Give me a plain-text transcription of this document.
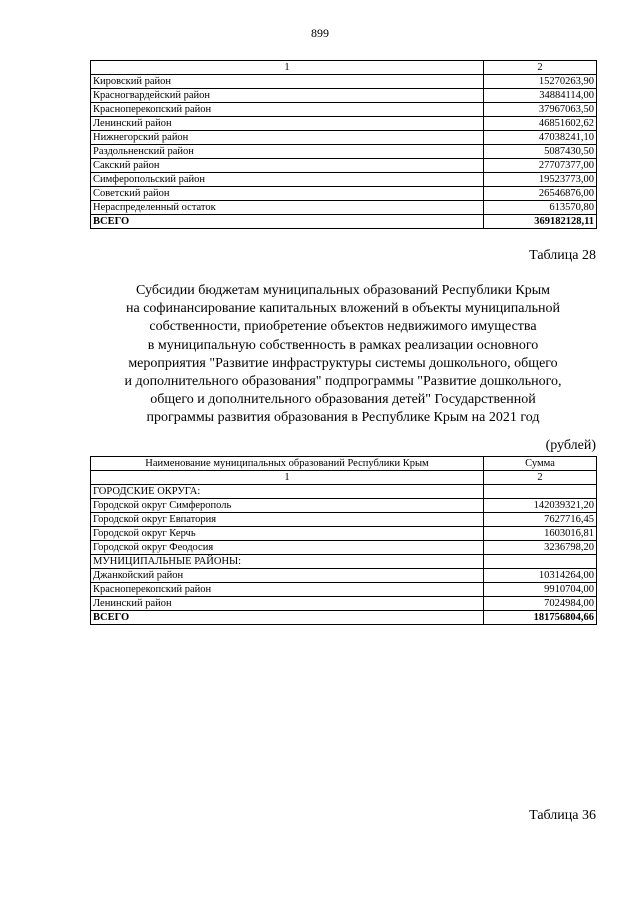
899
1	2
Кировский район	15270263,90
Красногвардейский район	34884114,00
Красноперекопский район	37967063,50
Ленинский район	46851602,62
Нижнегорский район	47038241,10
Раздольненский район	5087430,50
Сакский район	27707377,00
Симферопольский район	19523773,00
Советский район	26546876,00
Нераспределенный остаток	613570,80
ВСЕГО	369182128,11
Таблица 28
Субсидии бюджетам муниципальных образований Республики Крым
на софинансирование капитальных вложений в объекты муниципальной
собственности, приобретение объектов недвижимого имущества
в муниципальную собственность в рамках реализации основного
мероприятия "Развитие инфраструктуры системы дошкольного, общего
и дополнительного образования" подпрограммы "Развитие дошкольного,
общего и дополнительного образования детей" Государственной
программы развития образования в Республике Крым на 2021 год
(рублей)
Наименование муниципальных образований Республики Крым	Сумма
1	2
ГОРОДСКИЕ ОКРУГА:	
Городской округ Симферополь	142039321,20
Городской округ Евпатория	7627716,45
Городской округ Керчь	1603016,81
Городской округ Феодосия	3236798,20
МУНИЦИПАЛЬНЫЕ РАЙОНЫ:	
Джанкойский район	10314264,00
Красноперекопский район	9910704,00
Ленинский район	7024984,00
ВСЕГО	181756804,66
Таблица 36
